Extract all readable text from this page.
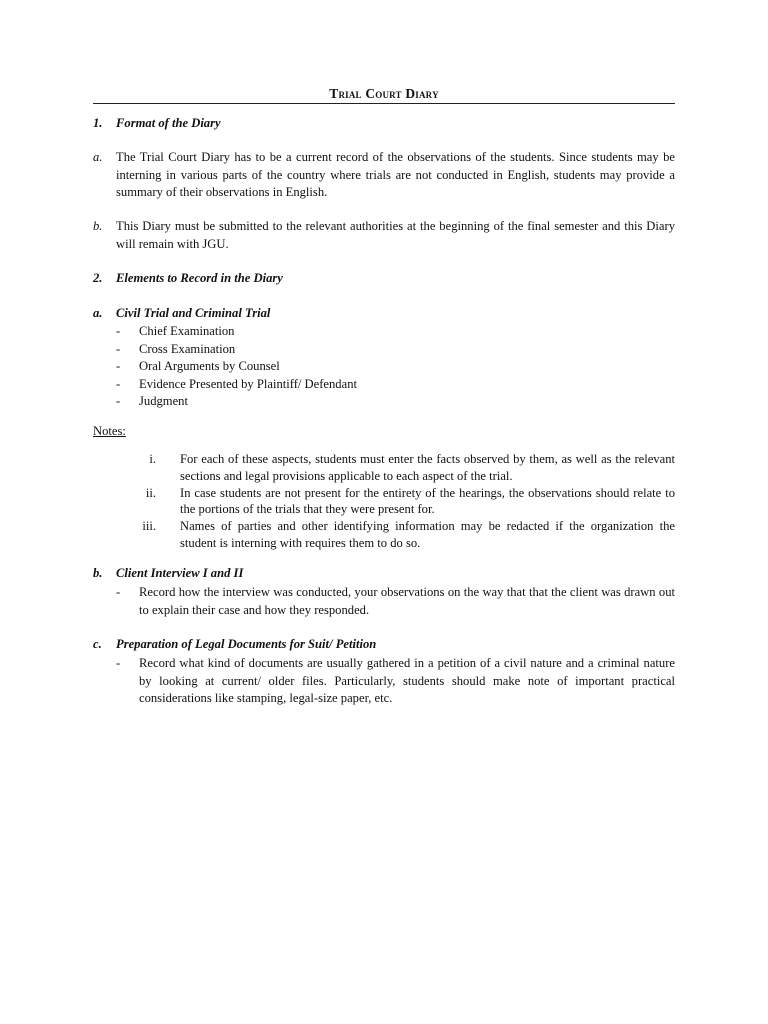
Trial Court Diary
1. Format of the Diary
a. The Trial Court Diary has to be a current record of the observations of the students. Since students may be interning in various parts of the country where trials are not conducted in English, students may provide a summary of their observations in English.
b. This Diary must be submitted to the relevant authorities at the beginning of the final semester and this Diary will remain with JGU.
2. Elements to Record in the Diary
a. Civil Trial and Criminal Trial
- Chief Examination
- Cross Examination
- Oral Arguments by Counsel
- Evidence Presented by Plaintiff/ Defendant
- Judgment
Notes:
i. For each of these aspects, students must enter the facts observed by them, as well as the relevant sections and legal provisions applicable to each aspect of the trial.
ii. In case students are not present for the entirety of the hearings, the observations should relate to the portions of the trials that they were present for.
iii. Names of parties and other identifying information may be redacted if the organization the student is interning with requires them to do so.
b. Client Interview I and II
- Record how the interview was conducted, your observations on the way that that the client was drawn out to explain their case and how they responded.
c. Preparation of Legal Documents for Suit/ Petition
- Record what kind of documents are usually gathered in a petition of a civil nature and a criminal nature by looking at current/ older files. Particularly, students should make note of important practical considerations like stamping, legal-size paper, etc.
